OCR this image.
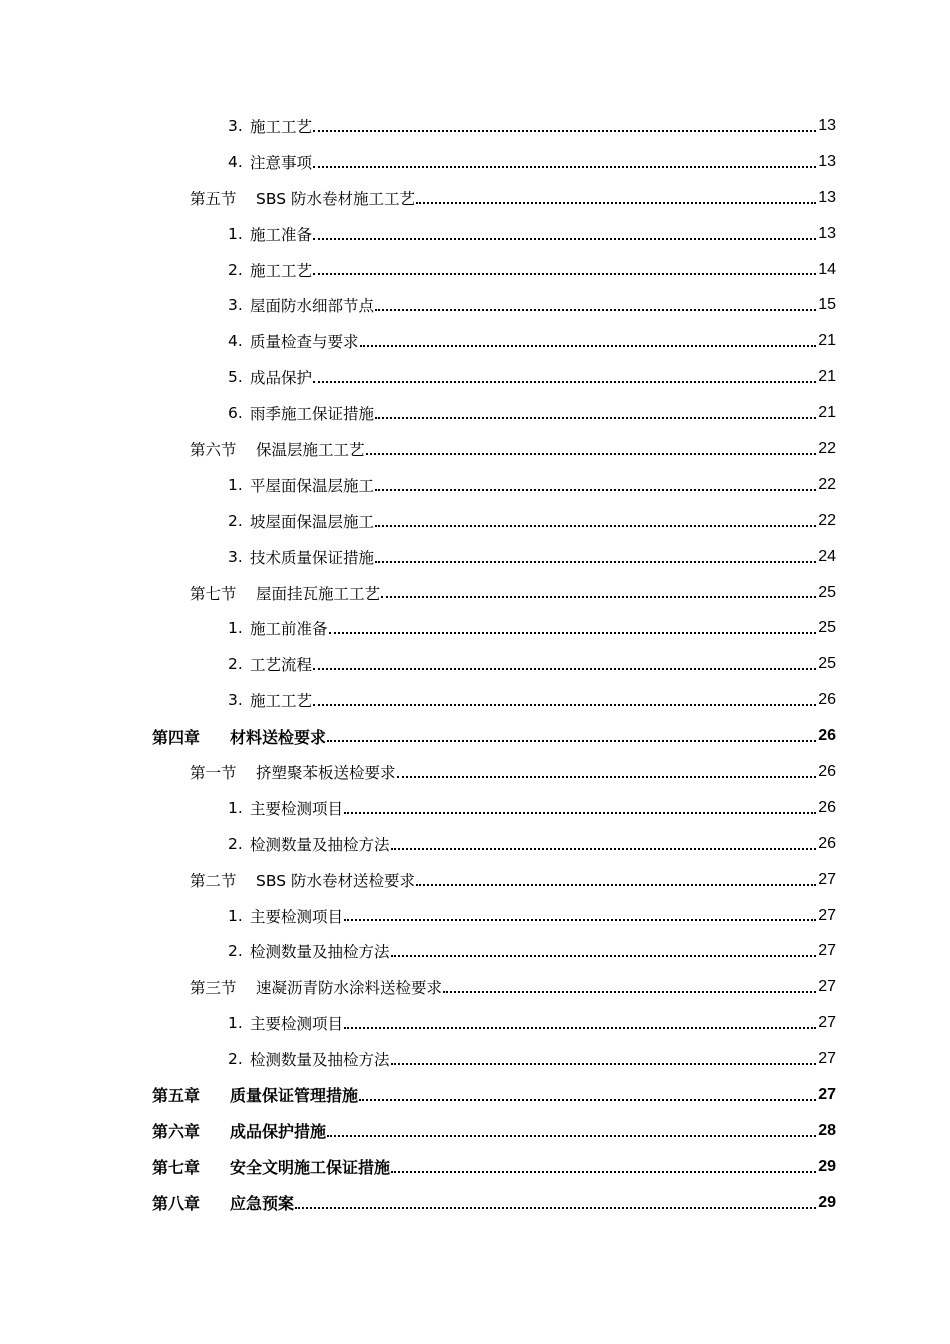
3. 施工工艺	13
4. 注意事项	13
第五节	SBS 防水卷材施工工艺	13
1. 施工准备	13
2. 施工工艺	14
3. 屋面防水细部节点	15
4. 质量检查与要求	21
5. 成品保护	21
6. 雨季施工保证措施	21
第六节	保温层施工工艺	22
1. 平屋面保温层施工	22
2. 坡屋面保温层施工	22
3. 技术质量保证措施	24
第七节	屋面挂瓦施工工艺	25
1. 施工前准备	25
2. 工艺流程	25
3. 施工工艺	26
第四章	材料送检要求	26
第一节	挤塑聚苯板送检要求	26
1. 主要检测项目	26
2. 检测数量及抽检方法	26
第二节	SBS 防水卷材送检要求	27
1. 主要检测项目	27
2. 检测数量及抽检方法	27
第三节	速凝沥青防水涂料送检要求	27
1. 主要检测项目	27
2. 检测数量及抽检方法	27
第五章	质量保证管理措施	27
第六章	成品保护措施	28
第七章	安全文明施工保证措施	29
第八章	应急预案	29
